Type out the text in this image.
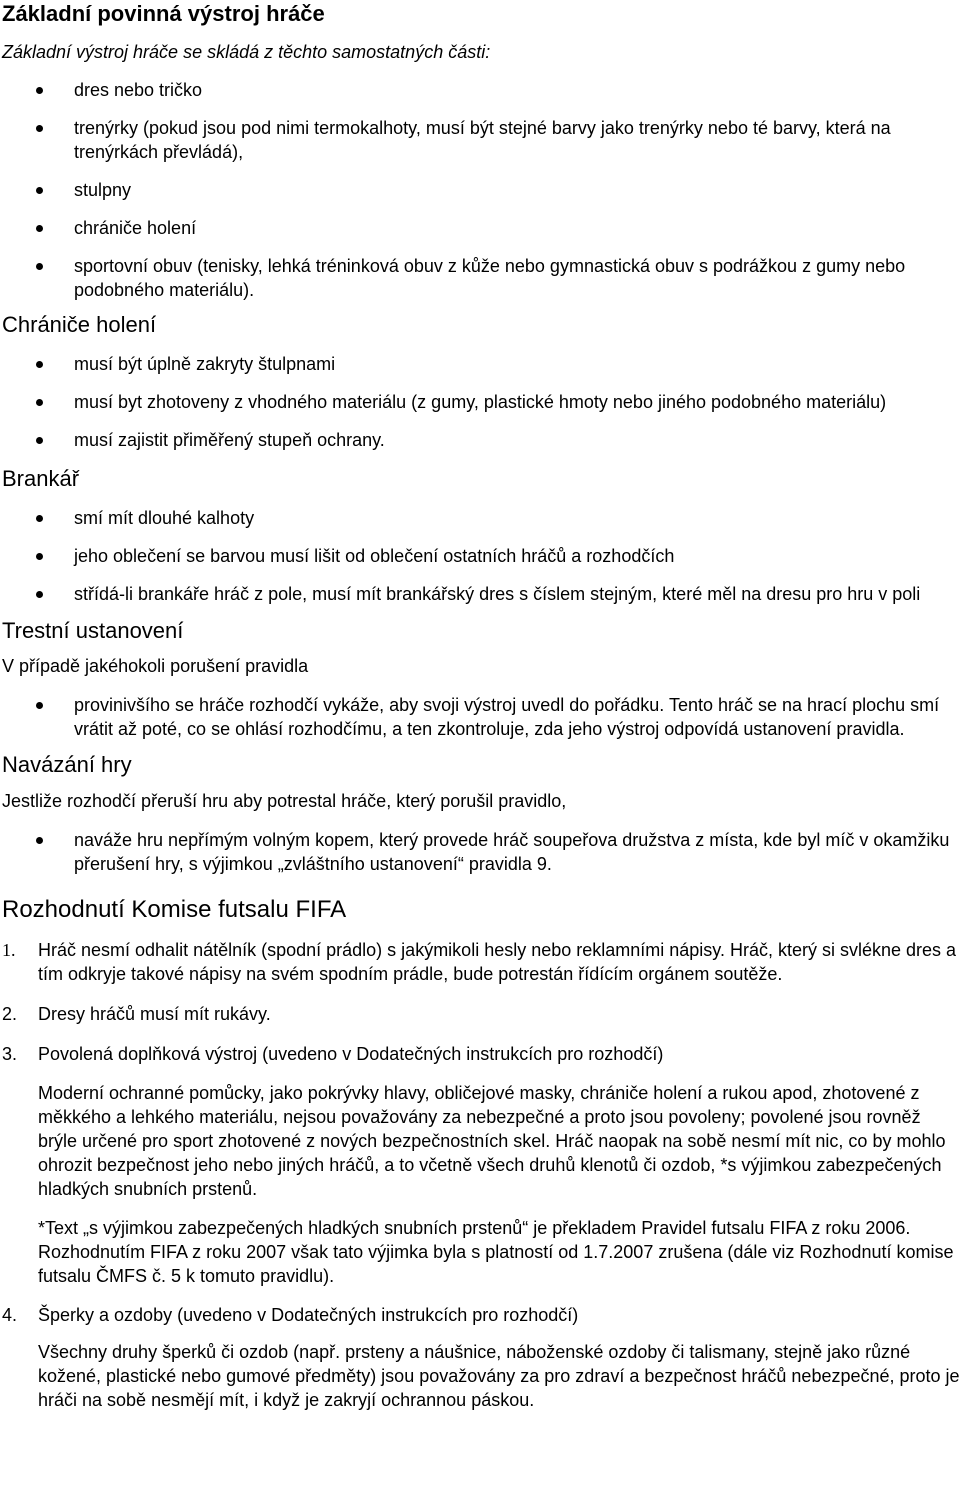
Základní povinná výstroj hráče
Základní výstroj hráče se skládá z těchto samostatných části:
dres nebo tričko
trenýrky (pokud jsou pod nimi termokalhoty, musí být stejné barvy jako trenýrky nebo té barvy, která na trenýrkách převládá),
stulpny
chrániče holení
sportovní obuv (tenisky, lehká tréninková obuv z kůže nebo gymnastická obuv s podrážkou z gumy nebo podobného materiálu).
Chrániče holení
musí být úplně zakryty štulpnami
musí byt zhotoveny z vhodného materiálu (z gumy, plastické hmoty nebo jiného podobného materiálu)
musí zajistit přiměřený stupeň ochrany.
Brankář
smí mít dlouhé kalhoty
jeho oblečení se barvou musí lišit od oblečení ostatních hráčů a rozhodčích
střídá-li brankáře hráč z pole, musí mít brankářský dres s číslem stejným, které měl na dresu pro hru v poli
Trestní ustanovení
V případě jakéhokoli porušení pravidla
provinivšího se hráče rozhodčí vykáže, aby svoji výstroj uvedl do pořádku. Tento hráč se na hrací plochu smí vrátit až poté, co se ohlásí rozhodčímu, a ten zkontroluje, zda jeho výstroj odpovídá ustanovení pravidla.
Navázání hry
Jestliže rozhodčí přeruší hru aby potrestal hráče, který porušil pravidlo,
naváže hru nepřímým volným kopem, který provede hráč soupeřova družstva z místa, kde byl míč v okamžiku přerušení hry, s výjimkou „zvláštního ustanovení“ pravidla 9.
Rozhodnutí Komise futsalu FIFA
1. Hráč nesmí odhalit nátělník (spodní prádlo) s jakýmikoli hesly nebo reklamními nápisy. Hráč, který si svlékne dres a tím odkryje takové nápisy na svém spodním prádle, bude potrestán řídícím orgánem soutěže.
2. Dresy hráčů musí mít rukávy.
3. Povolená doplňková výstroj (uvedeno v Dodatečných instrukcích pro rozhodčí)
Moderní ochranné pomůcky, jako pokrývky hlavy, obličejové masky, chrániče holení a rukou apod, zhotovené z měkkého a lehkého materiálu, nejsou považovány za nebezpečné a proto jsou povoleny; povolené jsou rovněž brýle určené pro sport zhotovené z nových bezpečnostních skel. Hráč naopak na sobě nesmí mít nic, co by mohlo ohrozit bezpečnost jeho nebo jiných hráčů, a to včetně všech druhů klenotů či ozdob, *s výjimkou zabezpečených hladkých snubních prstenů.
*Text „s výjimkou zabezpečených hladkých snubních prstenů“ je překladem Pravidel futsalu FIFA z roku 2006. Rozhodnutím FIFA z roku 2007 však tato výjimka byla s platností od 1.7.2007 zrušena (dále viz Rozhodnutí komise futsalu ČMFS č. 5 k tomuto pravidlu).
4. Šperky a ozdoby (uvedeno v Dodatečných instrukcích pro rozhodčí)
Všechny druhy šperků či ozdob (např. prsteny a náušnice, náboženské ozdoby či talismany, stejně jako různé kožené, plastické nebo gumové předměty) jsou považovány za pro zdraví a bezpečnost hráčů nebezpečné, proto je hráči na sobě nesmějí mít, i když je zakryjí ochrannou páskou.
